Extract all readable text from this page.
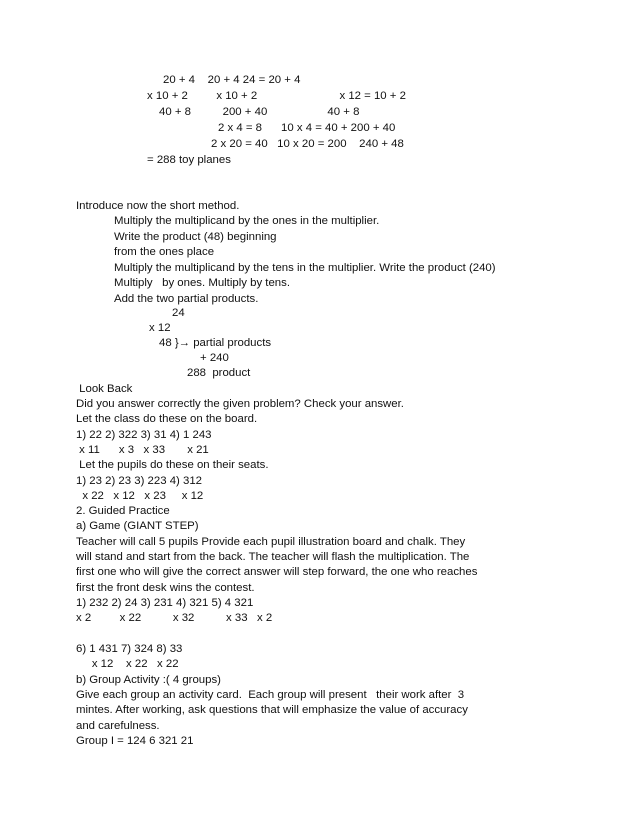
20 + 4    20 + 4 24 = 20 + 4
x 10 + 2         x 10 + 2                          x 12 = 10 + 2
40 + 8          200 + 40                   40 + 8
2 x 4 = 8      10 x 4 = 40 + 200 + 40
2 x 20 = 40   10 x 20 = 200    240 + 48
= 288 toy planes
Introduce now the short method.
Multiply the multiplicand by the ones in the multiplier.
Write the product (48) beginning
from the ones place
Multiply the multiplicand by the tens in the multiplier. Write the product (240)
Multiply   by ones. Multiply by tens.
Add the two partial products.
24
x 12
48 }→ partial products
+ 240
288  product
Look Back
Did you answer correctly the given problem? Check your answer.
Let the class do these on the board.
1) 22 2) 322 3) 31 4) 1 243
x 11      x 3   x 33       x 21
Let the pupils do these on their seats.
1) 23 2) 23 3) 223 4) 312
x 22   x 12   x 23     x 12
2. Guided Practice
a) Game (GIANT STEP)
Teacher will call 5 pupils Provide each pupil illustration board and chalk. They
will stand and start from the back. The teacher will flash the multiplication. The
first one who will give the correct answer will step forward, the one who reaches
first the front desk wins the contest.
1) 232 2) 24 3) 231 4) 321 5) 4 321
x 2         x 22          x 32          x 33   x 2
6) 1 431 7) 324 8) 33
x 12    x 22   x 22
b) Group Activity :( 4 groups)
Give each group an activity card.  Each group will present   their work after  3
mintes. After working, ask questions that will emphasize the value of accuracy
and carefulness.
Group I = 124 6 321 21
